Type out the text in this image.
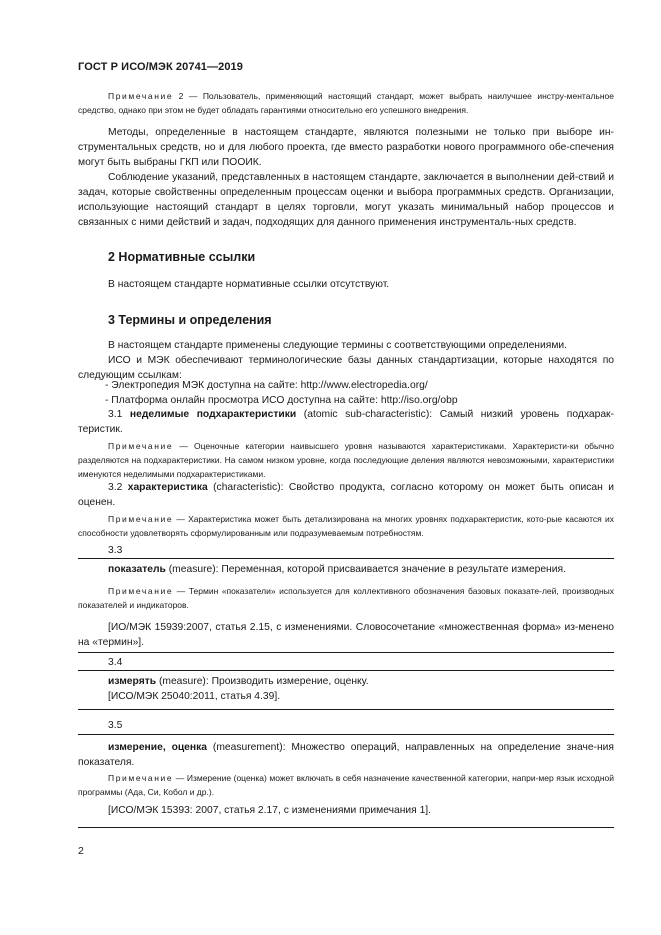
ГОСТ Р ИСО/МЭК 20741—2019

Примечание 2 — Пользователь, применяющий настоящий стандарт, может выбрать наилучшее инстру-ментальное средство, однако при этом не будет обладать гарантиями относительно его успешного внедрения.

Методы, определенные в настоящем стандарте, являются полезными не только при выборе ин-струментальных средств, но и для любого проекта, где вместо разработки нового программного обе-спечения могут быть выбраны ГКП или ПООИК.

Соблюдение указаний, представленных в настоящем стандарте, заключается в выполнении дей-ствий и задач, которые свойственны определенным процессам оценки и выбора программных средств. Организации, использующие настоящий стандарт в целях торговли, могут указать минимальный набор процессов и связанных с ними действий и задач, подходящих для данного применения инструменталь-ных средств.

2 Нормативные ссылки

В настоящем стандарте нормативные ссылки отсутствуют.

3 Термины и определения

В настоящем стандарте применены следующие термины с соответствующими определениями.

ИСО и МЭК обеспечивают терминологические базы данных стандартизации, которые находятся по следующим ссылкам:

- Электропедия МЭК доступна на сайте: http://www.electropedia.org/
- Платформа онлайн просмотра ИСО доступна на сайте: http://iso.org/obp

3.1 неделимые подхарактеристики (atomic sub-characteristic): Самый низкий уровень подхарак-теристик.

Примечание — Оценочные категории наивысшего уровня называются характеристиками. Характеристи-ки обычно разделяются на подхарактеристики. На самом низком уровне, когда последующие деления являются невозможными, характеристики именуются неделимыми подхарактеристиками.

3.2 характеристика (characteristic): Свойство продукта, согласно которому он может быть описан и оценен.

Примечание — Характеристика может быть детализирована на многих уровнях подхарактеристик, кото-рые касаются их способности удовлетворять сформулированным или подразумеваемым потребностям.

3.3

показатель (measure): Переменная, которой присваивается значение в результате измерения.

Примечание — Термин «показатели» используется для коллективного обозначения базовых показате-лей, производных показателей и индикаторов.

[ИО/МЭК 15939:2007, статья 2.15, с изменениями. Словосочетание «множественная форма» из-менено на «термин»].

3.4

измерять (measure): Производить измерение, оценку.

[ИСО/МЭК 25040:2011, статья 4.39].

3.5

измерение, оценка (measurement): Множество операций, направленных на определение значе-ния показателя.

Примечание — Измерение (оценка) может включать в себя назначение качественной категории, напри-мер язык исходной программы (Ада, Си, Кобол и др.).

[ИСО/МЭК 15393: 2007, статья 2.17, с изменениями примечания 1].

2
